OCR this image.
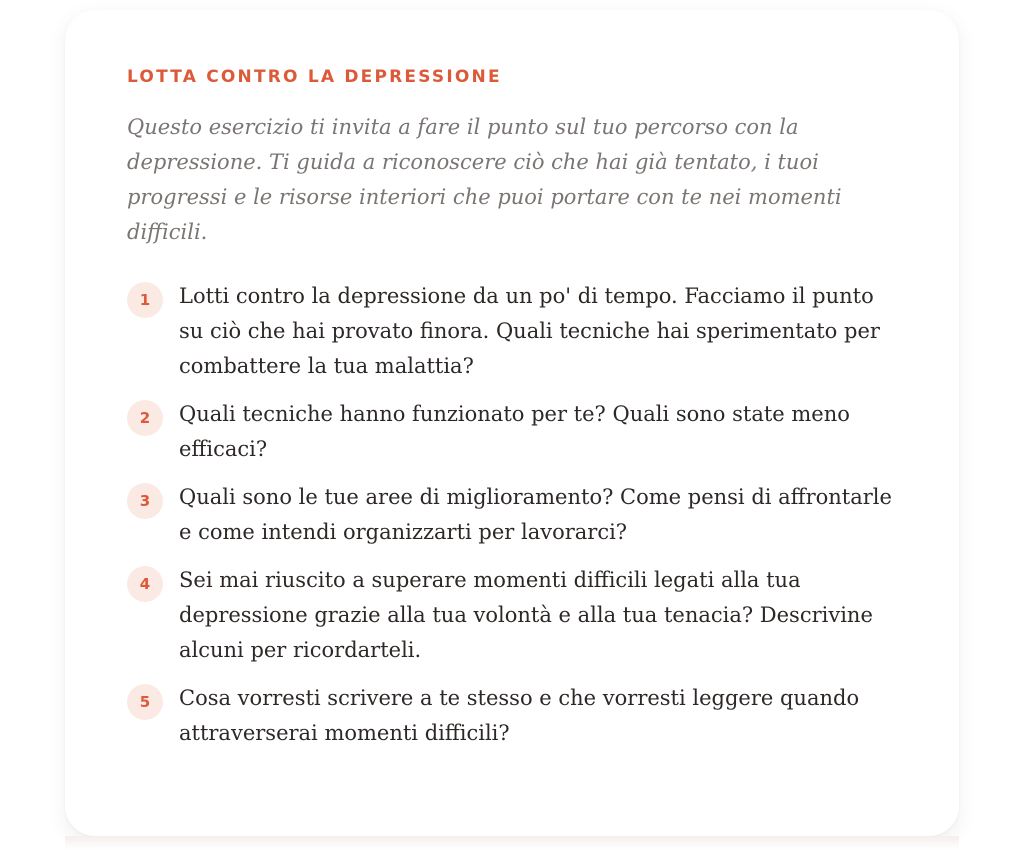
LOTTA CONTRO LA DEPRESSIONE
Questo esercizio ti invita a fare il punto sul tuo percorso con la depressione. Ti guida a riconoscere ciò che hai già tentato, i tuoi progressi e le risorse interiori che puoi portare con te nei momenti difficili.
1	Lotti contro la depressione da un po' di tempo. Facciamo il punto su ciò che hai provato finora. Quali tecniche hai sperimentato per combattere la tua malattia?
2	Quali tecniche hanno funzionato per te? Quali sono state meno efficaci?
3	Quali sono le tue aree di miglioramento? Come pensi di affrontarle e come intendi organizzarti per lavorarci?
4	Sei mai riuscito a superare momenti difficili legati alla tua depressione grazie alla tua volontà e alla tua tenacia? Descrivine alcuni per ricordarteli.
5	Cosa vorresti scrivere a te stesso e che vorresti leggere quando attraverserai momenti difficili?
